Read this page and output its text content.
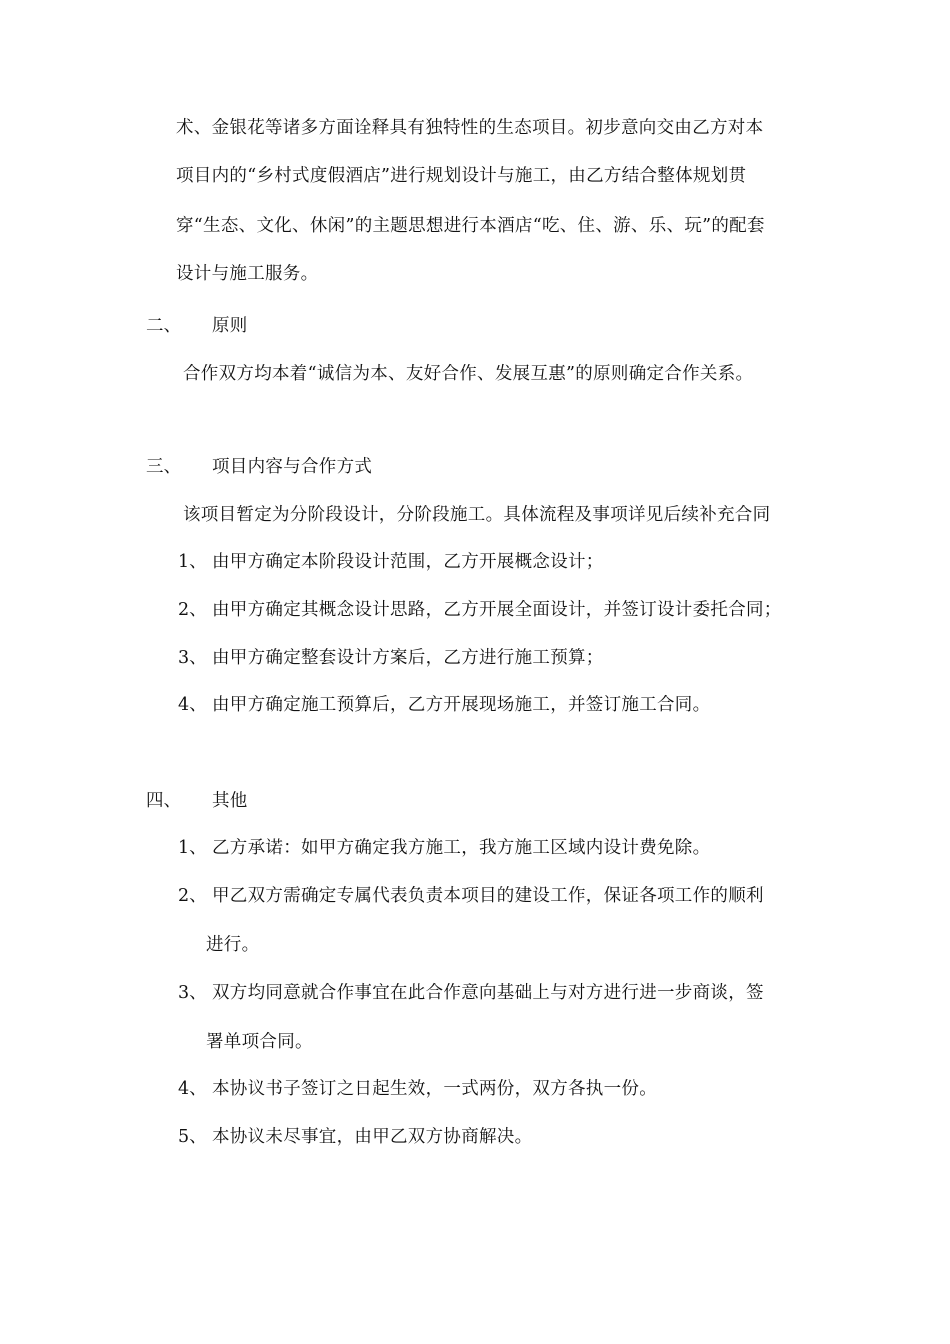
术、金银花等诸多方面诠释具有独特性的生态项目。初步意向交由乙方对本
项目内的“乡村式度假酒店”进行规划设计与施工，由乙方结合整体规划贯
穿“生态、文化、休闲”的主题思想进行本酒店“吃、住、游、乐、玩”的配套
设计与施工服务。
二、 原则
合作双方均本着“诚信为本、友好合作、发展互惠”的原则确定合作关系。
三、 项目内容与合作方式
该项目暂定为分阶段设计，分阶段施工。具体流程及事项详见后续补充合同
1、 由甲方确定本阶段设计范围，乙方开展概念设计；
2、 由甲方确定其概念设计思路，乙方开展全面设计，并签订设计委托合同；
3、 由甲方确定整套设计方案后，乙方进行施工预算；
4、 由甲方确定施工预算后，乙方开展现场施工，并签订施工合同。
四、 其他
1、 乙方承诺：如甲方确定我方施工，我方施工区域内设计费免除。
2、 甲乙双方需确定专属代表负责本项目的建设工作，保证各项工作的顺利
进行。
3、 双方均同意就合作事宜在此合作意向基础上与对方进行进一步商谈，签
署单项合同。
4、 本协议书子签订之日起生效，一式两份，双方各执一份。
5、 本协议未尽事宜，由甲乙双方协商解决。
